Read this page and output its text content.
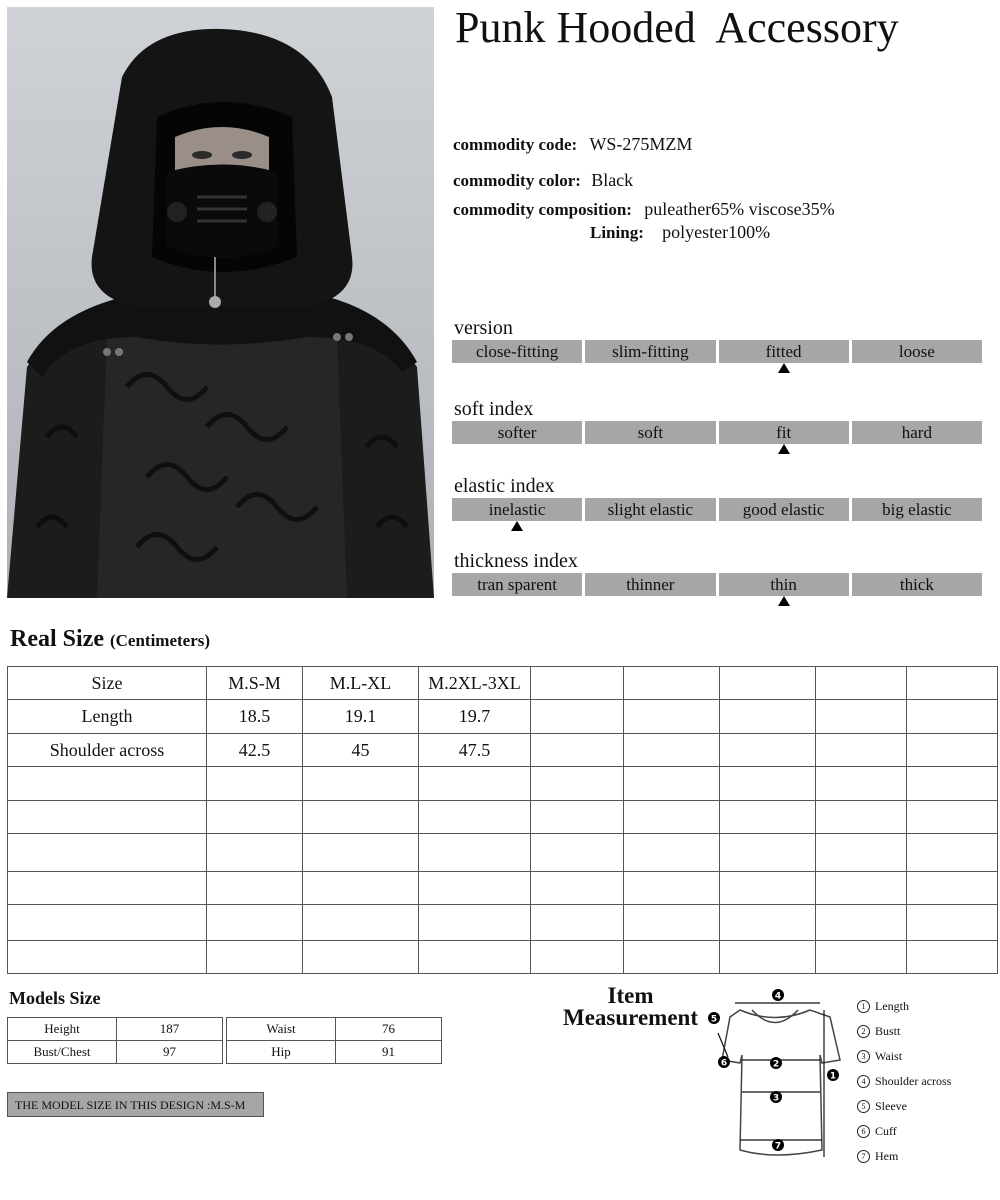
Punk Hooded  Accessory
commodity code: WS-275MZM
commodity color: Black
commodity composition: puleather65% viscose35%
Lining: polyester100%
version
close-fitting	slim-fitting	fitted	loose
soft index
softer	soft	fit	hard
elastic index
inelastic	slight elastic	good elastic	big elastic
thickness index
tran sparent	thinner	thin	thick
Real Size (Centimeters)
Size	M.S-M	M.L-XL	M.2XL-3XL					
Length	18.5	19.1	19.7					
Shoulder across	42.5	45	47.5					

Models Size
Height	187
Bust/Chest	97
Waist	76
Hip	91
THE MODEL SIZE IN THIS DESIGN :M.S-M
Item
Measurement
4
5
6	2
1
3
7
1 Length
2 Bustt
3 Waist
4 Shoulder across
5 Sleeve
6 Cuff
7 Hem
